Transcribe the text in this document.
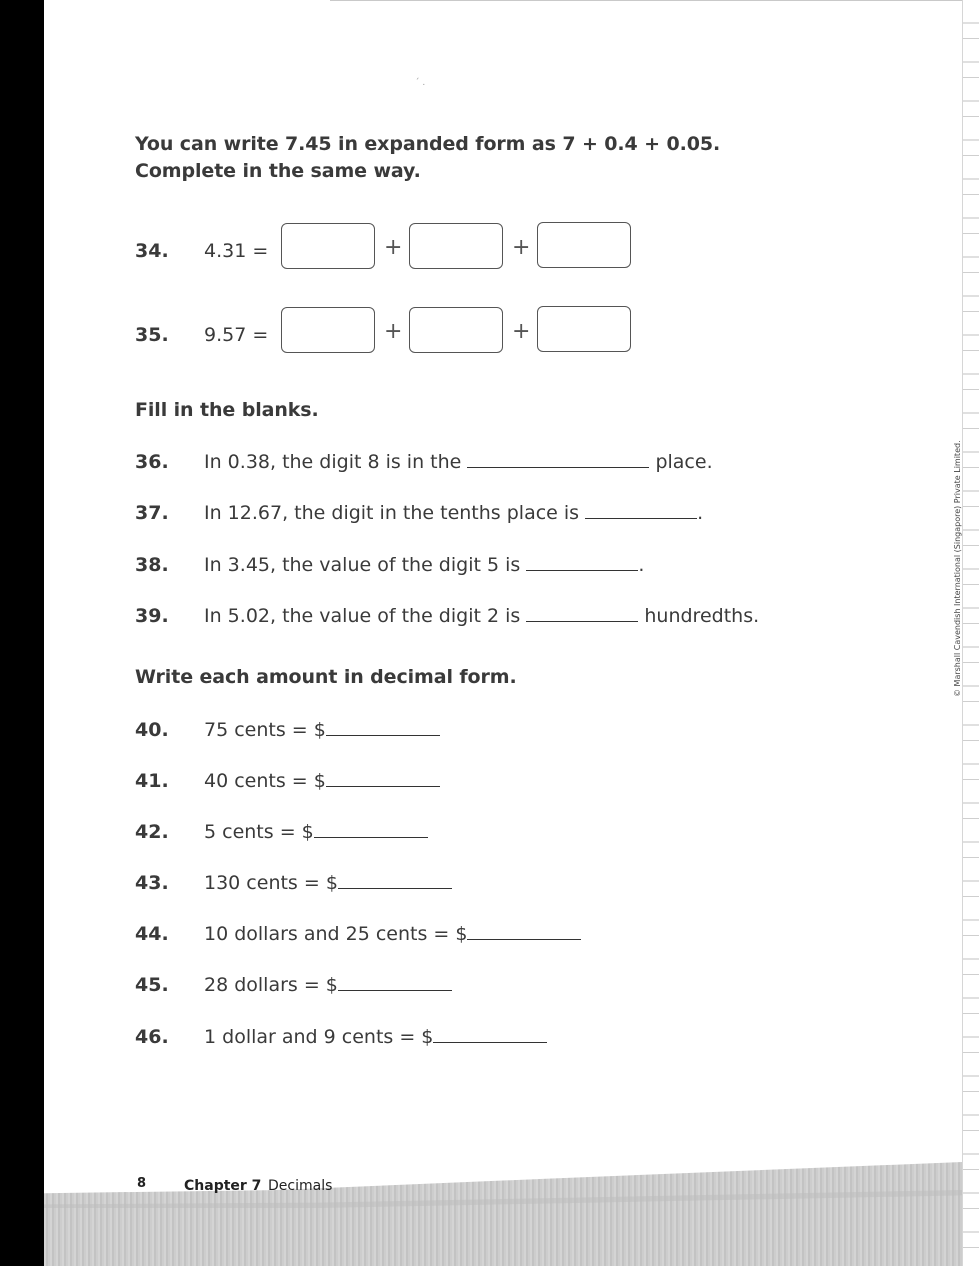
´ .

You can write 7.45 in expanded form as 7 + 0.4 + 0.05.
Complete in the same way.

34. 4.31 =	+	+
35. 9.57 =	+	+

Fill in the blanks.

36. In 0.38, the digit 8 is in the	place.
37. In 12.67, the digit in the tenths place is	.
38. In 3.45, the value of the digit 5 is	.
39. In 5.02, the value of the digit 2 is	hundredths.

Write each amount in decimal form.

40. 75 cents = $
41. 40 cents = $
42. 5 cents = $
43. 130 cents = $
44. 10 dollars and 25 cents = $
45. 28 dollars = $
46. 1 dollar and 9 cents = $
8	Chapter 7 Decimals
© Marshall Cavendish International (Singapore) Private Limited.
